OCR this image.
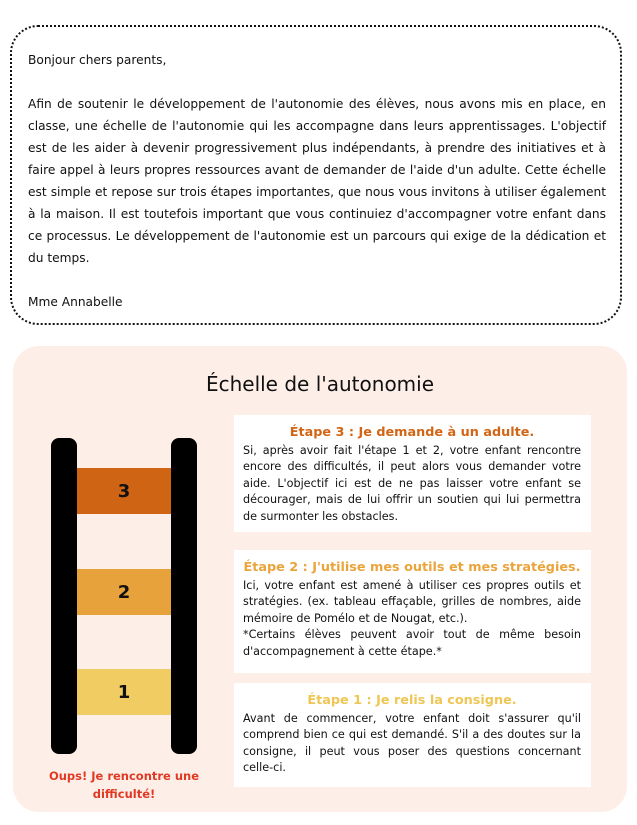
Bonjour chers parents,

Afin de soutenir le développement de l'autonomie des élèves, nous avons mis en place, en classe, une échelle de l'autonomie qui les accompagne dans leurs apprentissages. L'objectif est de les aider à devenir progressivement plus indépendants, à prendre des initiatives et à faire appel à leurs propres ressources avant de demander de l'aide d'un adulte. Cette échelle est simple et repose sur trois étapes importantes, que nous vous invitons à utiliser également à la maison. Il est toutefois important que vous continuiez d'accompagner votre enfant dans ce processus. Le développement de l'autonomie est un parcours qui exige de la dédication et du temps.

Mme Annabelle

Échelle de l'autonomie
3
2
1
Oups! Je rencontre une difficulté!
Étape 3 : Je demande à un adulte.

Si, après avoir fait l'étape 1 et 2, votre enfant rencontre encore des difficultés, il peut alors vous demander votre aide. L'objectif ici est de ne pas laisser votre enfant se décourager, mais de lui offrir un soutien qui lui permettra de surmonter les obstacles.

Étape 2 : J'utilise mes outils et mes stratégies.

Ici, votre enfant est amené à utiliser ces propres outils et stratégies. (ex. tableau effaçable, grilles de nombres, aide mémoire de Pomélo et de Nougat, etc.).

*Certains élèves peuvent avoir tout de même besoin d'accompagnement à cette étape.*

Étape 1 : Je relis la consigne.

Avant de commencer, votre enfant doit s'assurer qu'il comprend bien ce qui est demandé. S'il a des doutes sur la consigne, il peut vous poser des questions concernant celle-ci.
